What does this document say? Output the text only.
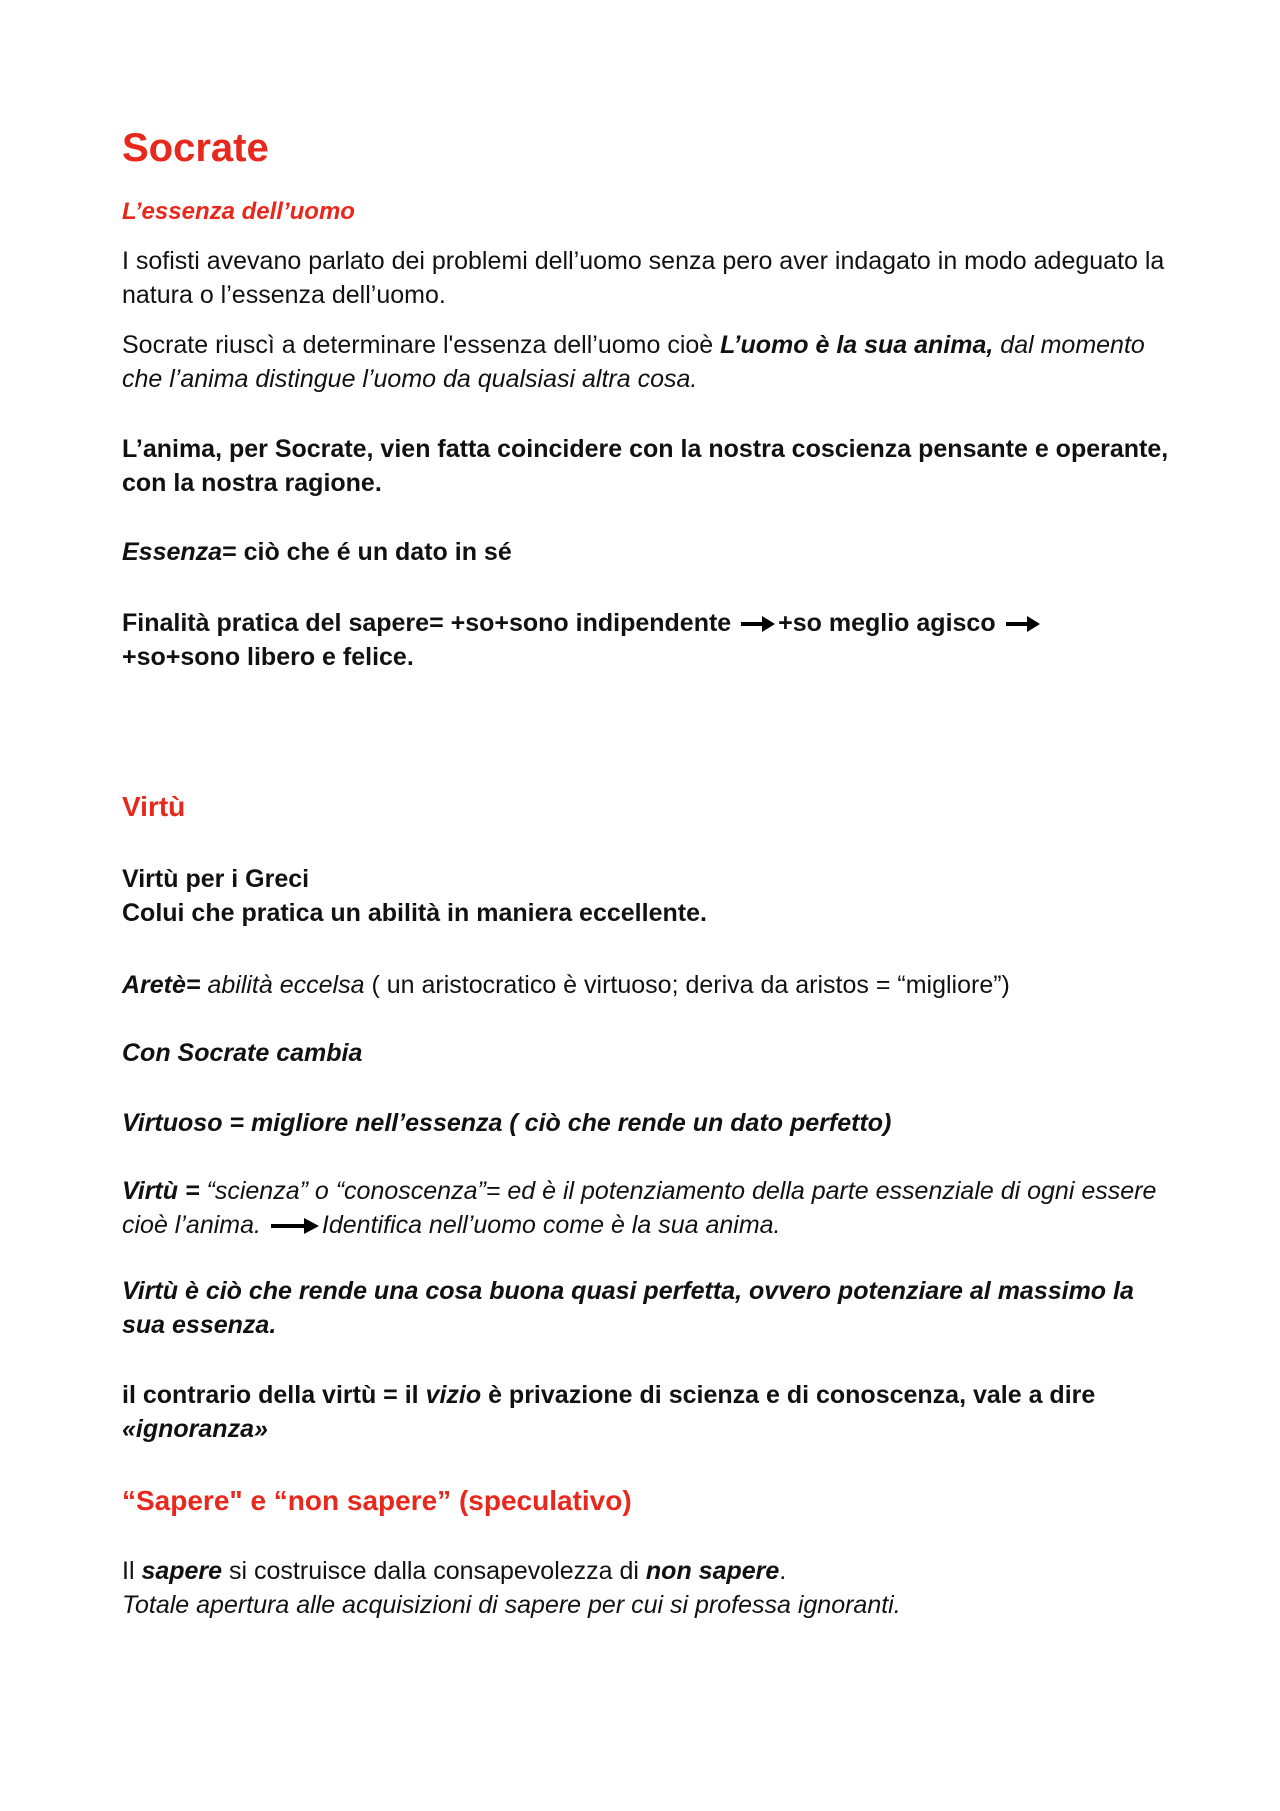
Socrate
L’essenza dell’uomo

I sofisti avevano parlato dei problemi dell’uomo senza pero aver indagato in modo adeguato la natura o l’essenza dell’uomo.

Socrate riuscì a determinare l'essenza dell’uomo cioè L’uomo è la sua anima, dal momento che l’anima distingue l’uomo da qualsiasi altra cosa.

L’anima, per Socrate, vien fatta coincidere con la nostra coscienza pensante e operante, con la nostra ragione.

Essenza= ciò che é un dato in sé

Finalità pratica del sapere= +so+sono indipendente
+so meglio agisco

+so+sono libero e felice.

Virtù

Virtù per i Greci
Colui che pratica un abilità in maniera eccellente.

Aretè= abilità eccelsa ( un aristocratico è virtuoso; deriva da aristos = “migliore”)

Con Socrate cambia

Virtuoso = migliore nell’essenza ( ciò che rende un dato perfetto)

Virtù = “scienza” o “conoscenza”= ed è il potenziamento della parte essenziale di ogni essere cioè l’anima.
Identifica nell’uomo come è la sua anima.

Virtù è ciò che rende una cosa buona quasi perfetta, ovvero potenziare al massimo la sua essenza.

il contrario della virtù = il vizio è privazione di scienza e di conoscenza, vale a dire «ignoranza»

“Sapere" e “non sapere” (speculativo)

Il sapere si costruisce dalla consapevolezza di non sapere.
Totale apertura alle acquisizioni di sapere per cui si professa ignoranti.
